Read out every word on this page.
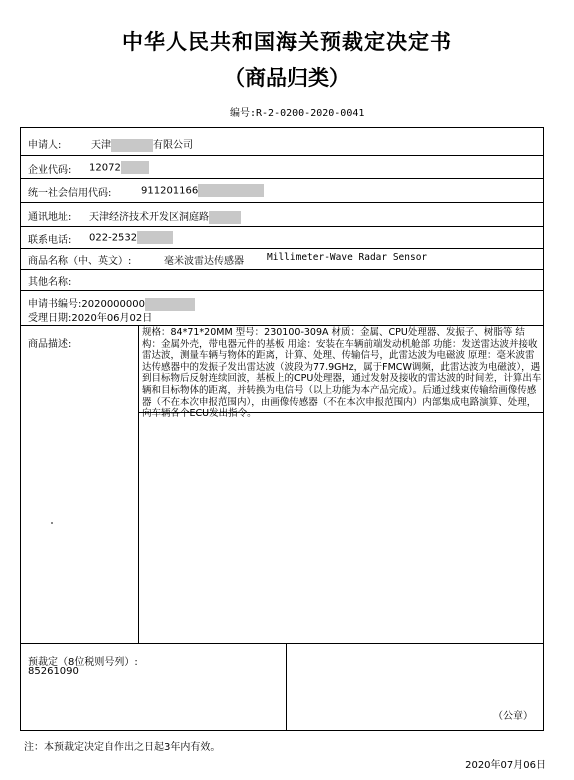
中华人民共和国海关预裁定决定书
（商品归类）
编号:R-2-0200-2020-0041
申请人:	天津	有限公司
企业代码: 12072
统一社会信用代码:	911201166
通讯地址: 天津经济技术开发区洞庭路
联系电话: 022-2532
商品名称（中、英文）:	毫米波雷达传感器 Millimeter-Wave Radar Sensor
其他名称:
申请书编号:2020000000
受理日期:2020年06月02日
商品描述:
规格：84*71*20MM 型号：230100-309A 材质：金属、CPU处理器、发振子、树脂等 结构：金属外壳，带电器元件的基板 用途：安装在车辆前端发动机舱部 功能：发送雷达波并接收雷达波，测量车辆与物体的距离，计算、处理、传输信号，此雷达波为电磁波 原理：毫米波雷达传感器中的发振子发出雷达波（波段为77.9GHz，属于FMCW调频，此雷达波为电磁波），遇到目标物后反射连续回波，基板上的CPU处理器，通过发射及接收的雷达波的时间差，计算出车辆和目标物体的距离，并转换为电信号（以上功能为本产品完成）。后通过线束传输给画像传感器（不在本次申报范围内），由画像传感器（不在本次申报范围内）内部集成电路演算、处理，向车辆各个ECU发出指令。
预裁定（8位税则号列）:
85261090
（公章）
注：本预裁定决定自作出之日起3年内有效。
2020年07月06日
